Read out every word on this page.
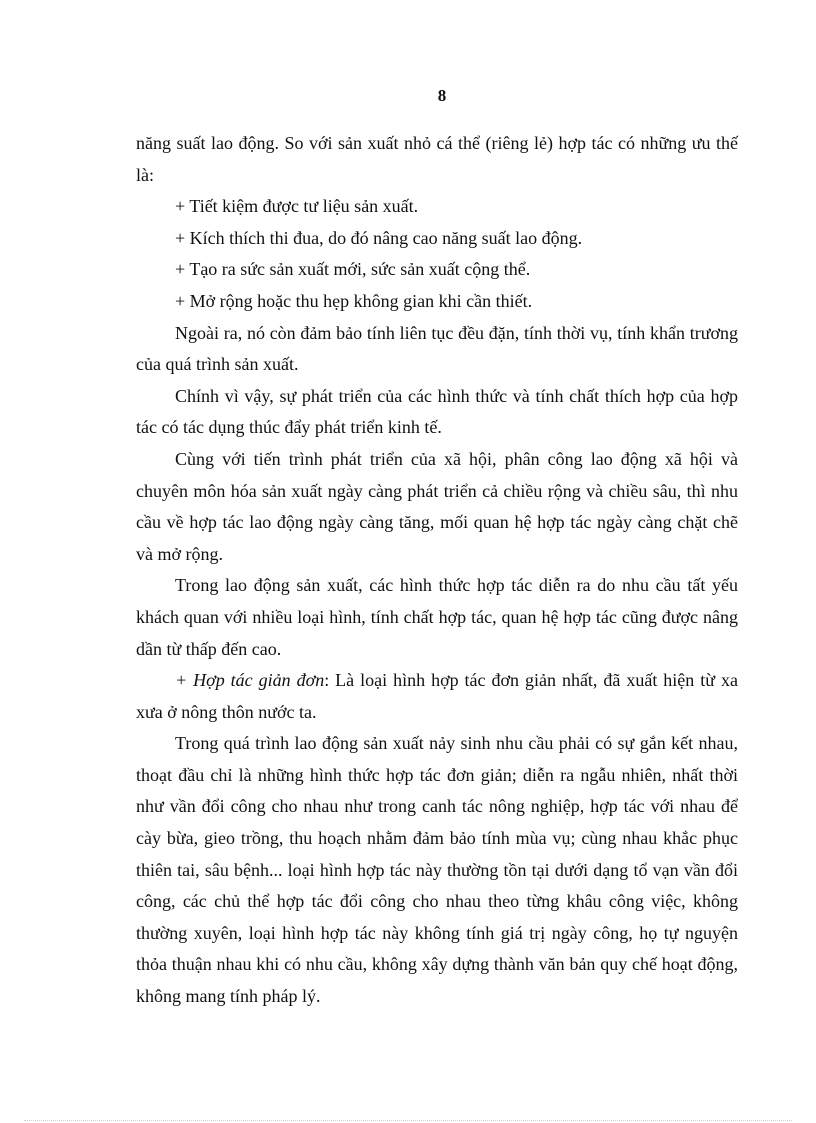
8

năng suất lao động. So với sản xuất nhỏ cá thể (riêng lẻ) hợp tác có những ưu thế là:

+ Tiết kiệm được tư liệu sản xuất.

+ Kích thích thi đua, do đó nâng cao năng suất lao động.

+ Tạo ra sức sản xuất mới, sức sản xuất cộng thể.

+ Mở rộng hoặc thu hẹp không gian khi cần thiết.

Ngoài ra, nó còn đảm bảo tính liên tục đều đặn, tính thời vụ, tính khẩn trương của quá trình sản xuất.

Chính vì vậy, sự phát triển của các hình thức và tính chất thích hợp của hợp tác có tác dụng thúc đẩy phát triển kinh tế.

Cùng với tiến trình phát triển của xã hội, phân công lao động xã hội và chuyên môn hóa sản xuất ngày càng phát triển cả chiều rộng và chiều sâu, thì nhu cầu về hợp tác lao động ngày càng tăng, mối quan hệ hợp tác ngày càng chặt chẽ và mở rộng.

Trong lao động sản xuất, các hình thức hợp tác diễn ra do nhu cầu tất yếu khách quan với nhiều loại hình, tính chất hợp tác, quan hệ hợp tác cũng được nâng dần từ thấp đến cao.

+ Hợp tác giản đơn: Là loại hình hợp tác đơn giản nhất, đã xuất hiện từ xa xưa ở nông thôn nước ta.

Trong quá trình lao động sản xuất nảy sinh nhu cầu phải có sự gắn kết nhau, thoạt đầu chỉ là những hình thức hợp tác đơn giản; diễn ra ngẫu nhiên, nhất thời như vần đổi công cho nhau như trong canh tác nông nghiệp, hợp tác với nhau để cày bừa, gieo trồng, thu hoạch nhằm đảm bảo tính mùa vụ; cùng nhau khắc phục thiên tai, sâu bệnh... loại hình hợp tác này thường tồn tại dưới dạng tổ vạn vần đổi công, các chủ thể hợp tác đổi công cho nhau theo từng khâu công việc, không thường xuyên, loại hình hợp tác này không tính giá trị ngày công, họ tự nguyện thỏa thuận nhau khi có nhu cầu, không xây dựng thành văn bản quy chế hoạt động, không mang tính pháp lý.
